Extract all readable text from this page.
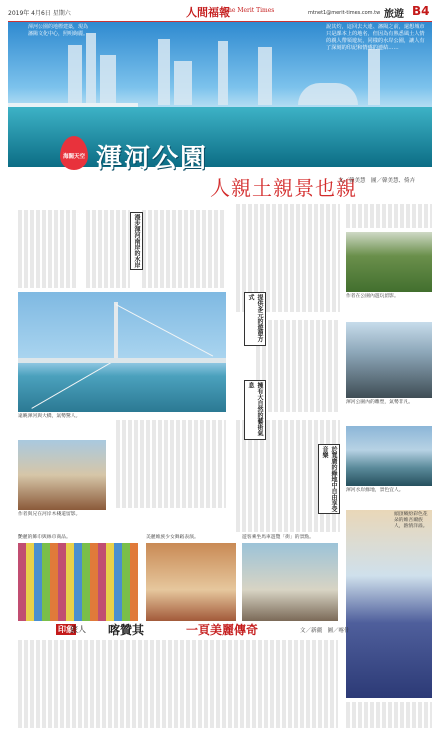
2019年 4月6日 星期六	人間福報
The Merit Times	mtnet1@merit-times.com.tw 旅遊 B4
渾河公園的地標建築，現為瀋陽文化中心，照明絢麗。
說其灼，這回去大連、瀋陽之前，還想城市只是課本上的地名，但因為有熟悉風土人情的親人帶領遊玩，同樣的水岸公園，讓人有了深刻的印記和情感的連結……
海闊天空 渾河公園
人親土親景也親
文／韓美慧　圖／韓美慧、倚卉
漫步渾河南岸的水岸
提供多元的遊憩方式
擁有大自然的藝術氣息
於寬廣的綠地中自由享受音樂
遠眺渾河與大橋，氣勢驚人。
作者與兄在河岸木棧道留影。
作者在公園內遊玩留影。
渾河公園內的雕塑，氣勢非凡。
渾河水岸綠地，景色宜人。
艷麗的飾巾與絲巾商品。	美麗維族少女舞蹈表演。	遊客乘坐馬車遊覽「街」的景點。
頭頂繽紛彩色花朵的維吾爾族人，熱情洋溢。
印象
旅人 喀贊其	一頁美麗傳奇	文／新疆　圖／喀什
